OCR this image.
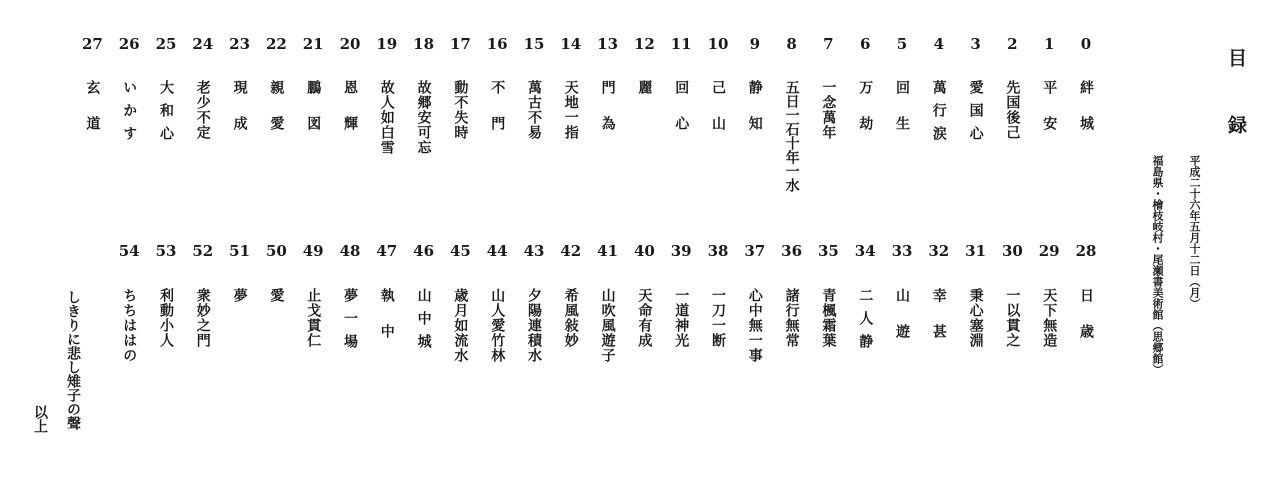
目録
平成二十六年五月十二日（月）
福島県・檜枝岐村・尾瀬書美術館（思郷館）
0
絆城
1
平安
2
先国後己
3
愛国心
4
萬行涙
5
回生
6
万劫
7
一念萬年
8
五日一石十年一水
9
静知
10
己山
11
回心
12
麗
13
門為
14
天地一指
15
萬古不易
16
不門
17
動不失時
18
故郷安可忘
19
故人如白雪
20
恩輝
21
鵬図
22
親愛
23
現成
24
老少不定
25
大和心
26
いかす
27
玄道
28
日歳
29
天下無造
30
一以貫之
31
秉心塞淵
32
幸甚
33
山遊
34
二人静
35
青楓霜葉
36
諸行無常
37
心中無一事
38
一刀一断
39
一道神光
40
天命有成
41
山吹風遊子
42
希風敍妙
43
夕陽連積水
44
山人愛竹林
45
歳月如流水
46
山中城
47
執中
48
夢一場
49
止戈貫仁
50
愛
51
夢
52
衆妙之門
53
利動小人
54
ちちははの
しきりに悲し雉子の聲
以上
